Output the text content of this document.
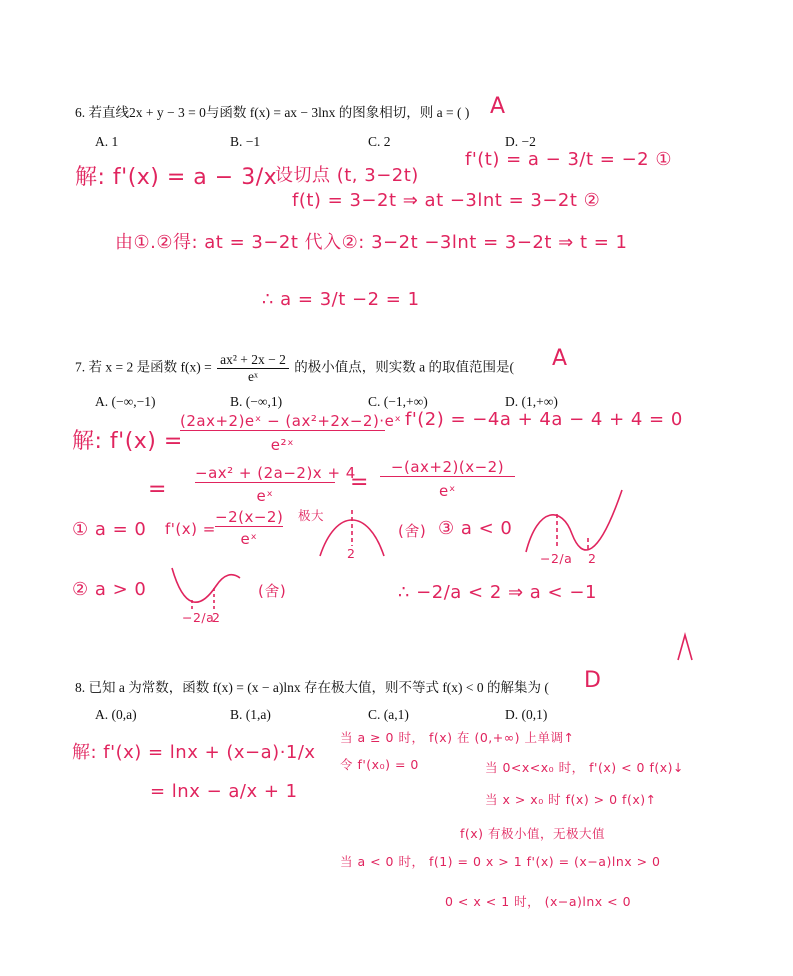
6. 若直线2x + y − 3 = 0与函数 f(x) = ax − 3lnx 的图象相切，则 a = ( ) A
A. 1	B. −1	C. 2	D. −2
解: f'(x) = a − 3/x
设切点 (t, 3−2t)
f'(t) = a − 3/t = −2 ①
f(t) = 3−2t ⇒ at −3lnt = 3−2t ②
由①.②得: at = 3−2t 代入②: 3−2t −3lnt = 3−2t ⇒ t = 1
∴ a = 3/t −2 = 1
7. 若 x = 2 是函数 $f(x) = \frac{\text{ax² + 2x − 2}}{\text{eˣ}}$ 的极小值点，则实数 a 的取值范围是( A
A. (−∞,−1)	B. (−∞,1)	C. (−1,+∞)	D. (1,+∞)
解: f'(x) =
(2ax+2)eˣ − (ax²+2x−2)·eˣ
e²ˣ
f'(2) = −4a + 4a − 4 + 4 = 0
=
−ax² + (2a−2)x + 4
eˣ
=
−(ax+2)(x−2)
eˣ
① a = 0 f'(x) =
−2(x−2)
eˣ
极大
2
(舍) ③ a < 0
−2/a 2
② a > 0
−2/a
2
(舍)	∴ −2/a < 2 ⇒ a < −1
8. 已知 a 为常数，函数 f(x) = (x − a)lnx 存在极大值，则不等式 f(x) < 0 的解集为 ( D
A. (0,a)	B. (1,a)	C. (a,1)	D. (0,1)
解: f'(x) = lnx + (x−a)·1/x
= lnx − a/x + 1
当 a ≥ 0 时， f(x) 在 (0,+∞) 上单调↑
令 f'(x₀) = 0	当 0<x<x₀ 时， f'(x) < 0 f(x)↓
当 x > x₀ 时 f(x) > 0 f(x)↑
f(x) 有极小值，无极大值
当 a < 0 时， f(1) = 0 x > 1 f'(x) = (x−a)lnx > 0
0 < x < 1 时， (x−a)lnx < 0
